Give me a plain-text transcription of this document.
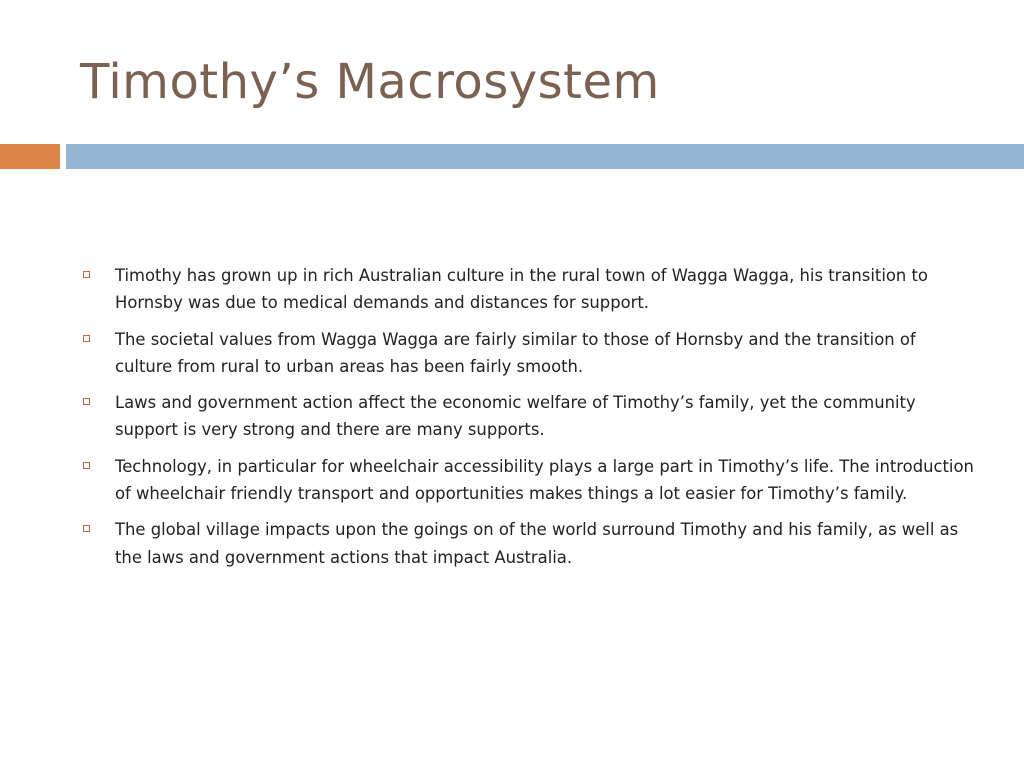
Timothy’s Macrosystem
Timothy has grown up in rich Australian culture in the rural town of Wagga Wagga, his transition to Hornsby was due to medical demands and distances for support.
The societal values from Wagga Wagga are fairly similar to those of Hornsby and the transition of culture from rural to urban areas has been fairly smooth.
Laws and government action affect the economic welfare of Timothy’s family, yet the community support is very strong and there are many supports.
Technology, in particular for wheelchair accessibility plays a large part in Timothy’s life. The introduction of wheelchair friendly transport and opportunities makes things a lot easier for Timothy’s family.
The global village impacts upon the goings on of the world surround Timothy and his family, as well as the laws and government actions that impact Australia.
